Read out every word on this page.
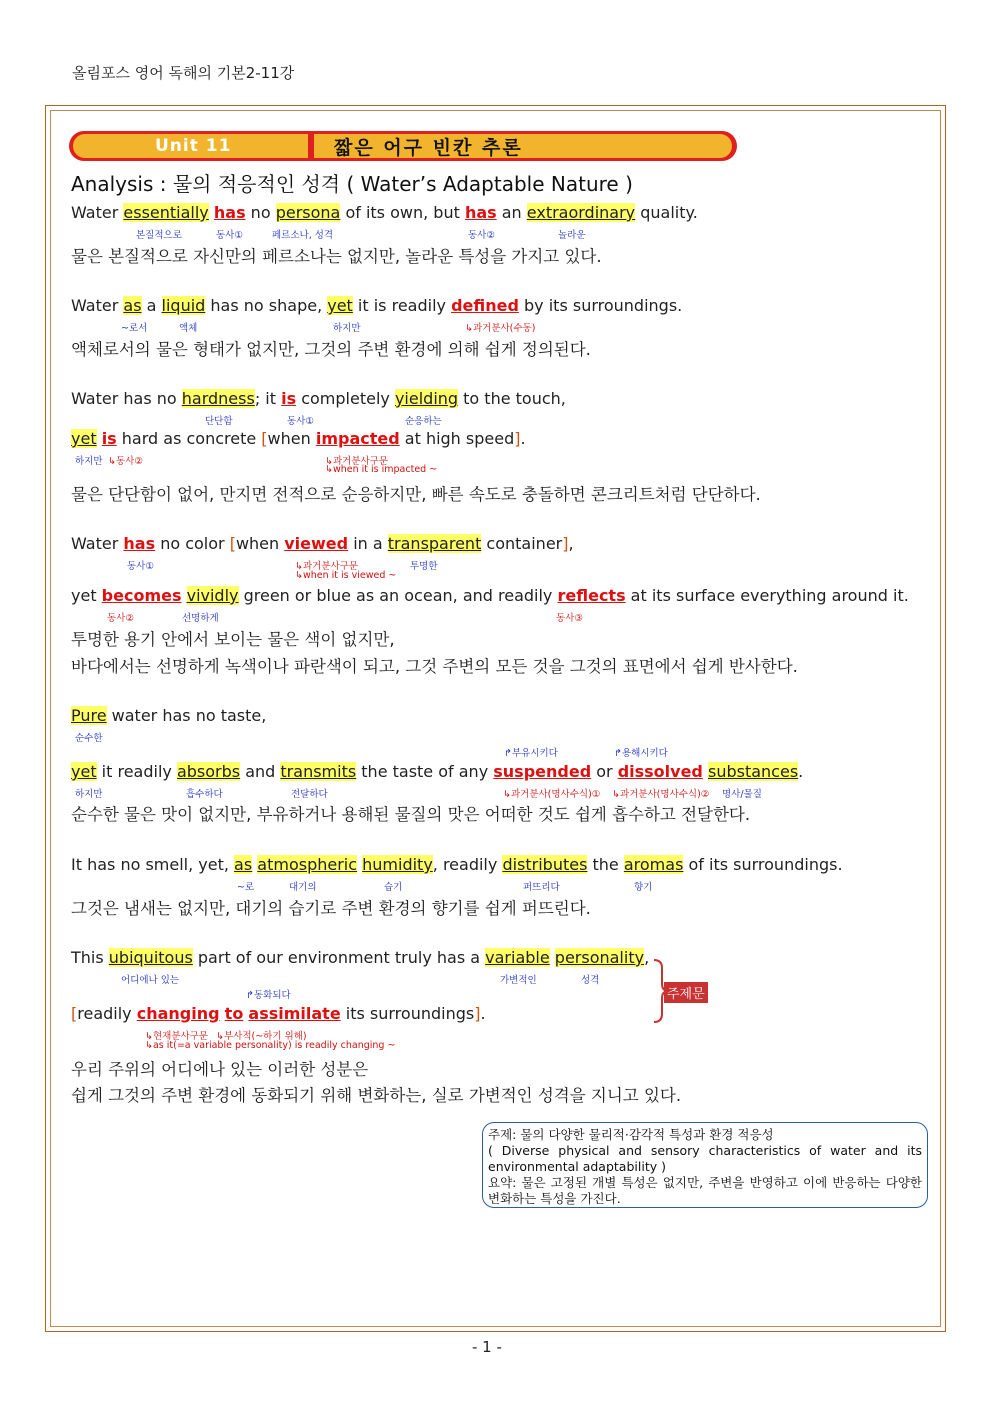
올림포스 영어 독해의 기본2-11강
Unit 11	짧은 어구 빈칸 추론
Analysis : 물의 적응적인 성격 ( Water’s Adaptable Nature )
Water essentially has no persona of its own, but has an extraordinary quality.
본질적으로	동사①	페르소나, 성격	동사②	놀라운
물은 본질적으로 자신만의 페르소나는 없지만, 놀라운 특성을 가지고 있다.
Water as a liquid has no shape, yet it is readily defined by its surroundings.
~로서	액체	하지만	↳과거분사(수동)
액체로서의 물은 형태가 없지만, 그것의 주변 환경에 의해 쉽게 정의된다.
Water has no hardness; it is completely yielding to the touch,
단단함	동사①	순응하는
yet is hard as concrete [when impacted at high speed].
하지만 ↳동사②	↳과거분사구문
↳when it is impacted ~
물은 단단함이 없어, 만지면 전적으로 순응하지만, 빠른 속도로 충돌하면 콘크리트처럼 단단하다.
Water has no color [when viewed in a transparent container],
동사①	↳과거분사구문
↳when it is viewed ~
투명한
yet becomes vividly green or blue as an ocean, and readily reflects at its surface everything around it.
동사②	선명하게	동사③
투명한 용기 안에서 보이는 물은 색이 없지만,
바다에서는 선명하게 녹색이나 파란색이 되고, 그것 주변의 모든 것을 그것의 표면에서 쉽게 반사한다.
Pure water has no taste,
순수한
↱부유시키다	↱용해시키다
yet it readily absorbs and transmits the taste of any suspended or dissolved substances.
하지만	흡수하다	전달하다	↳과거분사(명사수식)① ↳과거분사(명사수식)② 명사/물질
순수한 물은 맛이 없지만, 부유하거나 용해된 물질의 맛은 어떠한 것도 쉽게 흡수하고 전달한다.
It has no smell, yet, as atmospheric humidity, readily distributes the aromas of its surroundings.
~로	대기의	습기	퍼뜨리다	향기
그것은 냄새는 없지만, 대기의 습기로 주변 환경의 향기를 쉽게 퍼뜨린다.
This ubiquitous part of our environment truly has a variable personality,
어디에나 있는	가변적인	성격
↱동화되다
[readily changing to assimilate its surroundings].
↳현재분사구문 ↳부사적(~하기 위해)
↳as it(=a variable personality) is readily changing ~
주제문
우리 주위의 어디에나 있는 이러한 성분은
쉽게 그것의 주변 환경에 동화되기 위해 변화하는, 실로 가변적인 성격을 지니고 있다.
주제: 물의 다양한 물리적·감각적 특성과 환경 적응성
( Diverse physical and sensory characteristics of water and its environmental adaptability )
요약: 물은 고정된 개별 특성은 없지만, 주변을 반영하고 이에 반응하는 다양한 변화하는 특성을 가진다.
- 1 -
